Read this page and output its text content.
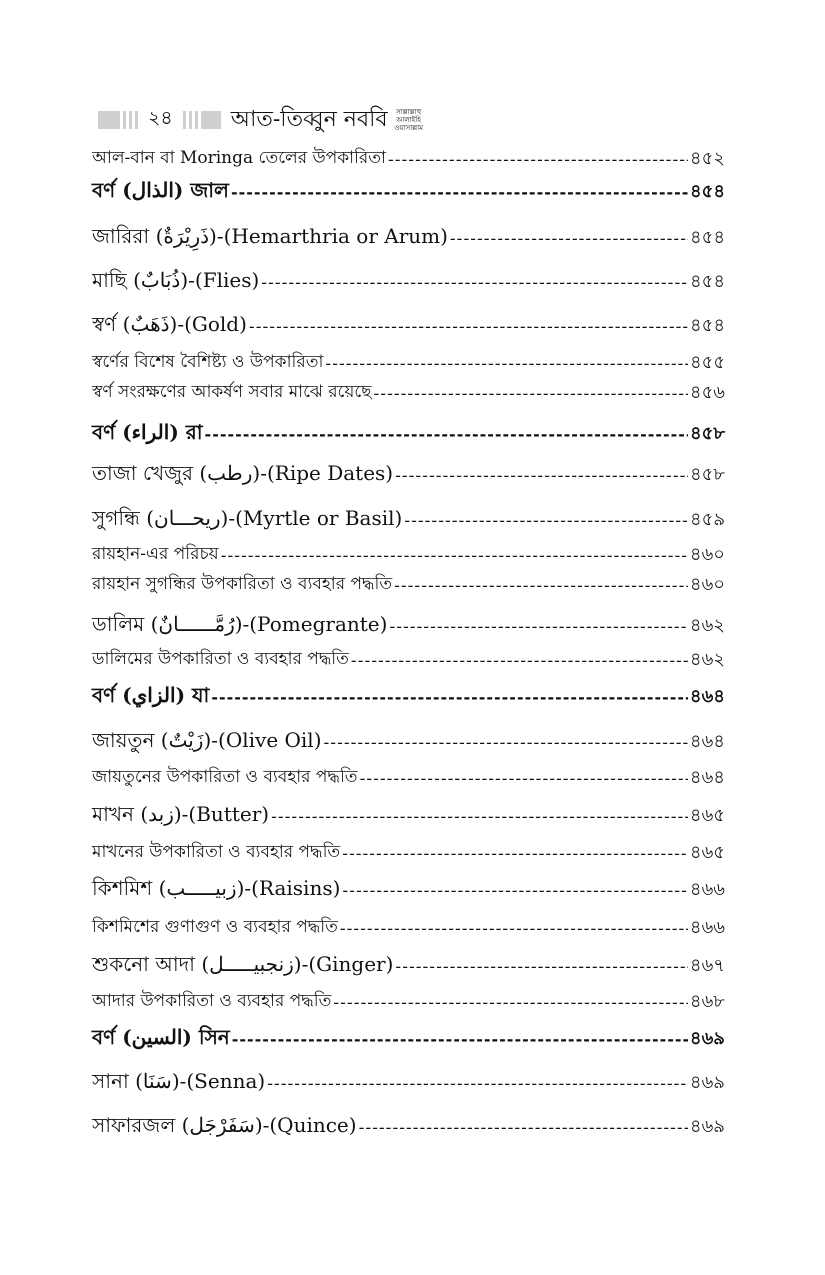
২৪	আত-তিব্বুন নববি	সাল্লাল্লাহু
আলাইহি
ওয়াসাল্লাম
আল-বান বা Moringa তেলের উপকারিতা -----	৪৫২
বর্ণ (الذال) জাল -----	৪৫৪
জারিরা (ذَرِيْرَةٌ)-(Hemarthria or Arum) -----	৪৫৪
মাছি (ذُبَابٌ)-(Flies) -----	৪৫৪
স্বর্ণ (ذَهَبٌ)-(Gold) -----	৪৫৪
স্বর্ণের বিশেষ বৈশিষ্ট্য ও উপকারিতা -----	৪৫৫
স্বর্ণ সংরক্ষণের আকর্ষণ সবার মাঝে রয়েছে -----	৪৫৬
বর্ণ (الراء) রা -----	৪৫৮
তাজা খেজুর (رطب)-(Ripe Dates) -----	৪৫৮
সুগন্ধি (ريحـــان)-(Myrtle or Basil) -----	৪৫৯
রায়হান-এর পরিচয় -----	৪৬০
রায়হান সুগন্ধির উপকারিতা ও ব্যবহার পদ্ধতি -----	৪৬০
ডালিম (رُمَّــــــانٌ)-(Pomegrante) -----	৪৬২
ডালিমের উপকারিতা ও ব্যবহার পদ্ধতি -----	৪৬২
বর্ণ (الزاي) যা -----	৪৬৪
জায়তুন (زَيْتٌ)-(Olive Oil) -----	৪৬৪
জায়তুনের উপকারিতা ও ব্যবহার পদ্ধতি -----	৪৬৪
মাখন (زبد)-(Butter) -----	৪৬৫
মাখনের উপকারিতা ও ব্যবহার পদ্ধতি -----	৪৬৫
কিশমিশ (زبيـــــب)-(Raisins) -----	৪৬৬
কিশমিশের গুণাগুণ ও ব্যবহার পদ্ধতি -----	৪৬৬
শুকনো আদা (زنجبيـــــل)-(Ginger) -----	৪৬৭
আদার উপকারিতা ও ব্যবহার পদ্ধতি -----	৪৬৮
বর্ণ (السين) সিন -----	৪৬৯
সানা (سَنَا)-(Senna) -----	৪৬৯
সাফারজল (سَفَرْجَل)-(Quince) -----	৪৬৯
